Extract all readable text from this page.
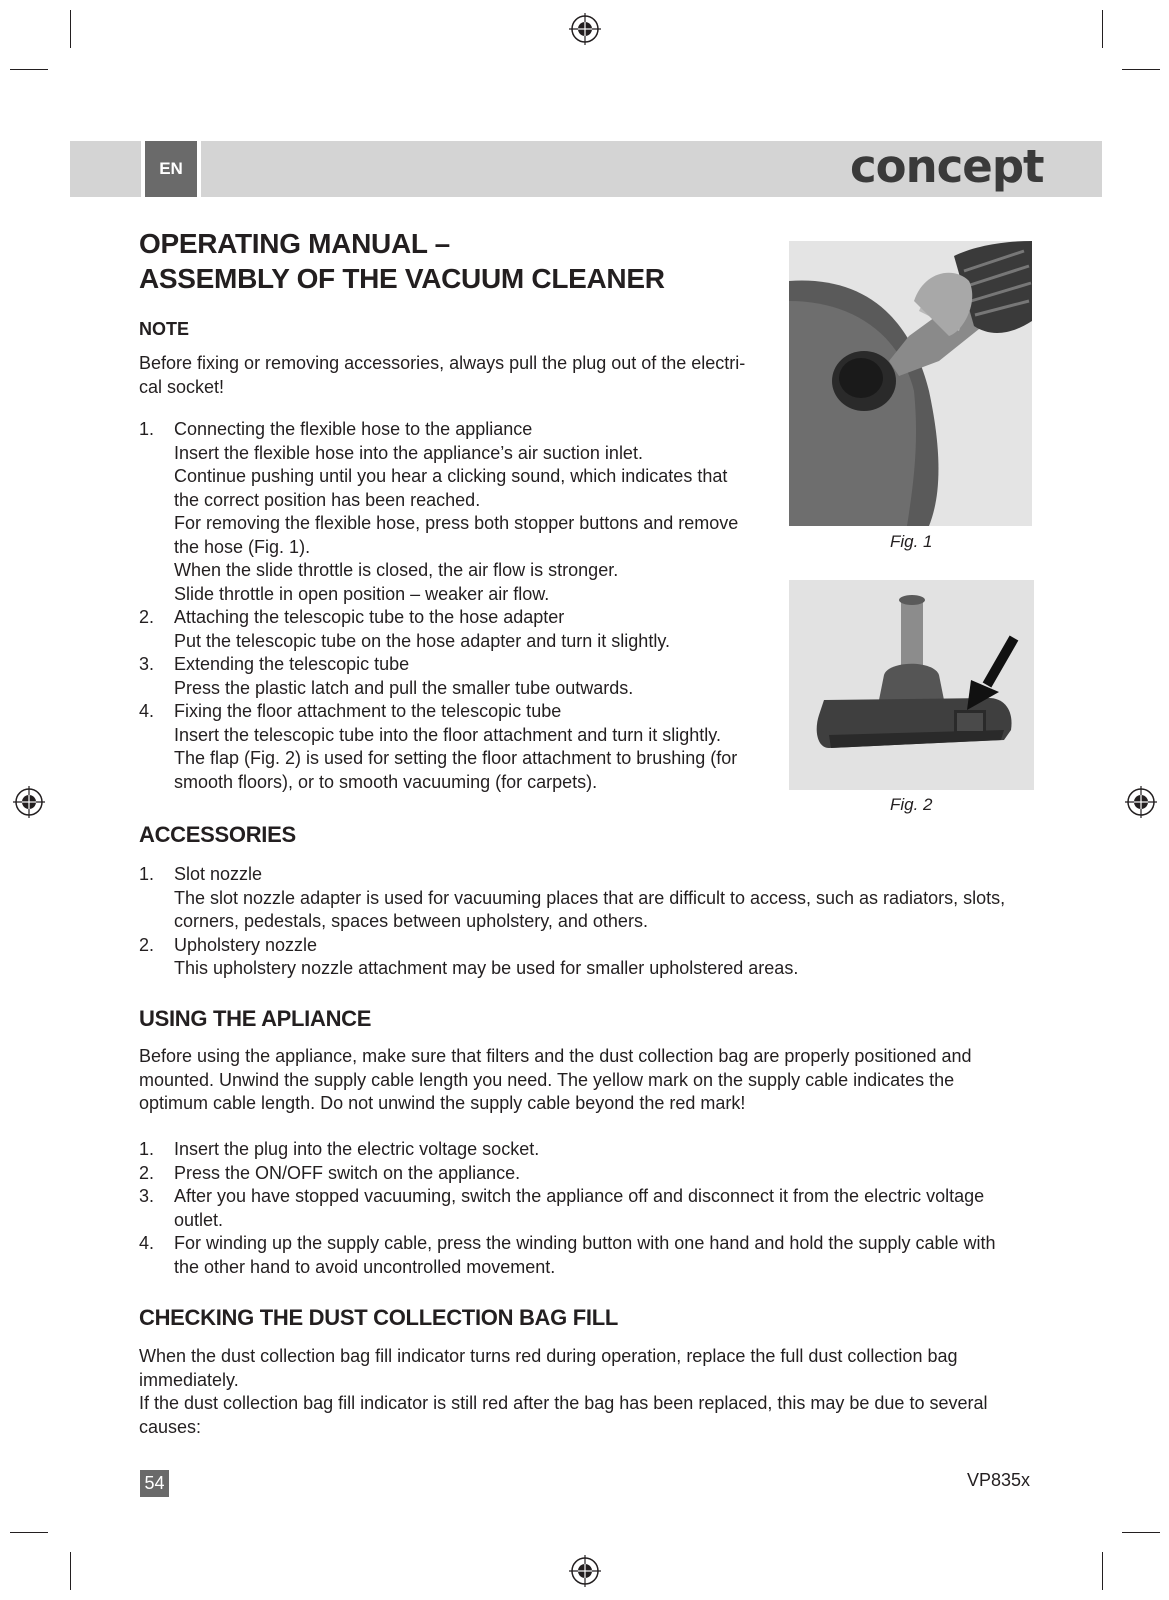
EN	concept
OPERATING MANUAL –
ASSEMBLY OF THE VACUUM CLEANER
NOTE

Before fixing or removing accessories, always pull the plug out of the electri-
cal socket!

1. Connecting the flexible hose to the appliance
Insert the flexible hose into the appliance’s air suction inlet.
Continue pushing until you hear a clicking sound, which indicates that
the correct position has been reached.
For removing the flexible hose, press both stopper buttons and remove
the hose (Fig. 1).
When the slide throttle is closed, the air flow is stronger.
Slide throttle in open position – weaker air flow.
2. Attaching the telescopic tube to the hose adapter
Put the telescopic tube on the hose adapter and turn it slightly.
3. Extending the telescopic tube
Press the plastic latch and pull the smaller tube outwards.
4. Fixing the floor attachment to the telescopic tube
Insert the telescopic tube into the floor attachment and turn it slightly.
The flap (Fig. 2) is used for setting the floor attachment to brushing (for
smooth floors), or to smooth vacuuming (for carpets).
Fig. 1
Fig. 2
ACCESSORIES
1. Slot nozzle
The slot nozzle adapter is used for vacuuming places that are difficult to access, such as radiators, slots,
corners, pedestals, spaces between upholstery, and others.
2. Upholstery nozzle
This upholstery nozzle attachment may be used for smaller upholstered areas.
USING THE APLIANCE

Before using the appliance, make sure that filters and the dust collection bag are properly positioned and
mounted. Unwind the supply cable length you need. The yellow mark on the supply cable indicates the
optimum cable length. Do not unwind the supply cable beyond the red mark!

1. Insert the plug into the electric voltage socket.
2. Press the ON/OFF switch on the appliance.
3. After you have stopped vacuuming, switch the appliance off and disconnect it from the electric voltage
outlet.
4. For winding up the supply cable, press the winding button with one hand and hold the supply cable with
the other hand to avoid uncontrolled movement.
CHECKING THE DUST COLLECTION BAG FILL

When the dust collection bag fill indicator turns red during operation, replace the full dust collection bag
immediately.
If the dust collection bag fill indicator is still red after the bag has been replaced, this may be due to several
causes:

54	VP835x
